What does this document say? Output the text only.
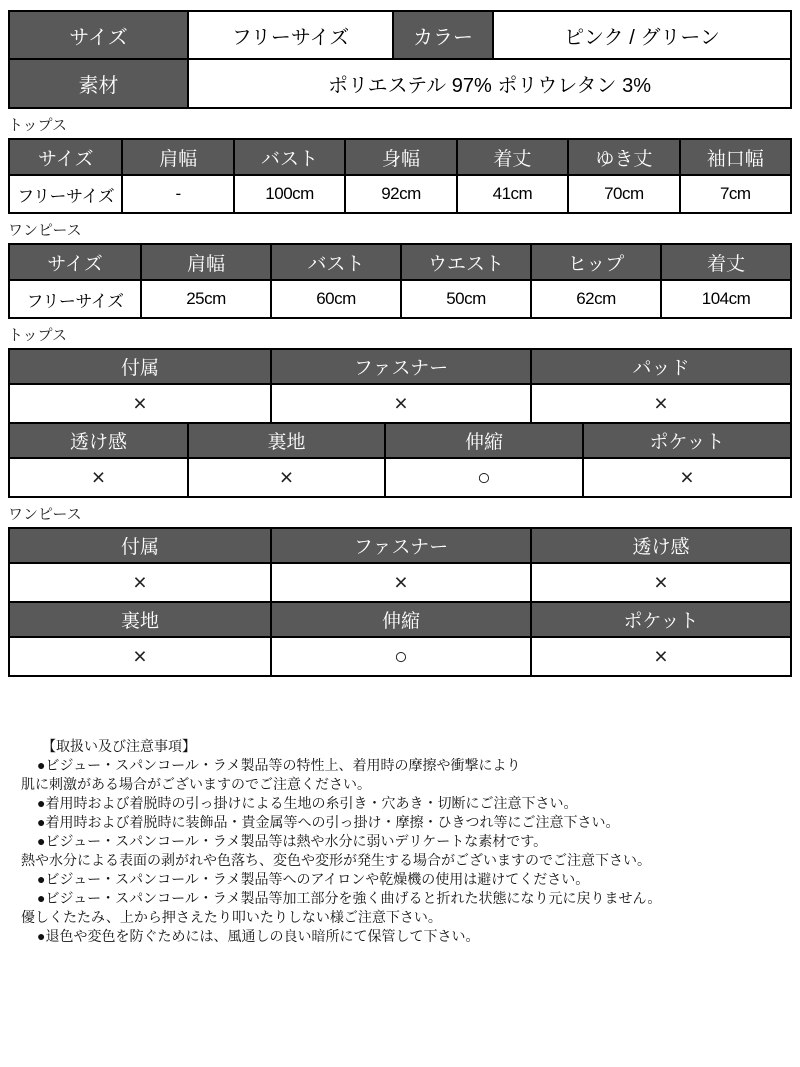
サイズ	フリーサイズ	カラー	ピンク / グリーン
素材	ポリエステル 97% ポリウレタン 3%
トップス
サイズ	肩幅	バスト	身幅	着丈	ゆき丈	袖口幅
フリーサイズ	-	100cm	92cm	41cm	70cm	7cm
ワンピース
サイズ	肩幅	バスト	ウエスト	ヒップ	着丈
フリーサイズ	25cm	60cm	50cm	62cm	104cm
トップス
付属	ファスナー	パッド
×	×	×
透け感	裏地	伸縮	ポケット
×	×	○	×
ワンピース
付属	ファスナー	透け感
×	×	×
裏地	伸縮	ポケット
×	○	×
【取扱い及び注意事項】
●ビジュー・スパンコール・ラメ製品等の特性上、着用時の摩擦や衝撃により
肌に刺激がある場合がございますのでご注意ください。
●着用時および着脱時の引っ掛けによる生地の糸引き・穴あき・切断にご注意下さい。
●着用時および着脱時に装飾品・貴金属等への引っ掛け・摩擦・ひきつれ等にご注意下さい。
●ビジュー・スパンコール・ラメ製品等は熱や水分に弱いデリケートな素材です。
熱や水分による表面の剥がれや色落ち、変色や変形が発生する場合がございますのでご注意下さい。
●ビジュー・スパンコール・ラメ製品等へのアイロンや乾燥機の使用は避けてください。
●ビジュー・スパンコール・ラメ製品等加工部分を強く曲げると折れた状態になり元に戻りません。
優しくたたみ、上から押さえたり叩いたりしない様ご注意下さい。
●退色や変色を防ぐためには、風通しの良い暗所にて保管して下さい。
